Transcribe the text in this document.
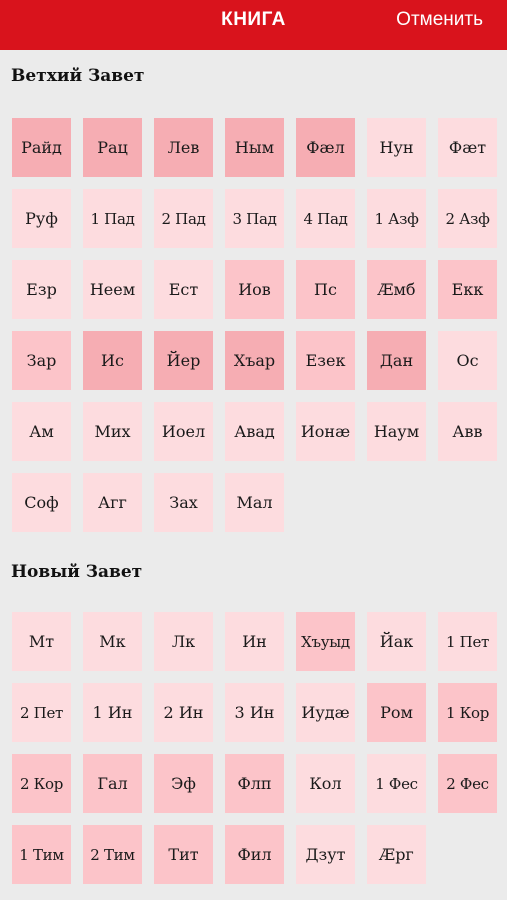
КНИГА	Отменить
Ветхий Завет
Райд	Рац	Лев	Ным	Фæл	Нун	Фæт
Руф	1 Пад	2 Пад	3 Пад	4 Пад	1 Азф	2 Азф
Езр	Неем	Ест	Иов	Пс	Æмб	Екк
Зар	Ис	Йер	Хъар	Езек	Дан	Ос
Ам	Мих	Иоел	Авад	Ионæ	Наум	Авв
Соф	Агг	Зах	Мал
Новый Завет
Мт	Мк	Лк	Ин	Хъуыд	Йак	1 Пет
2 Пет	1 Ин	2 Ин	3 Ин	Иудæ	Ром	1 Кор
2 Кор	Гал	Эф	Флп	Кол	1 Фес	2 Фес
1 Тим	2 Тим	Тит	Фил	Дзут	Æрг
